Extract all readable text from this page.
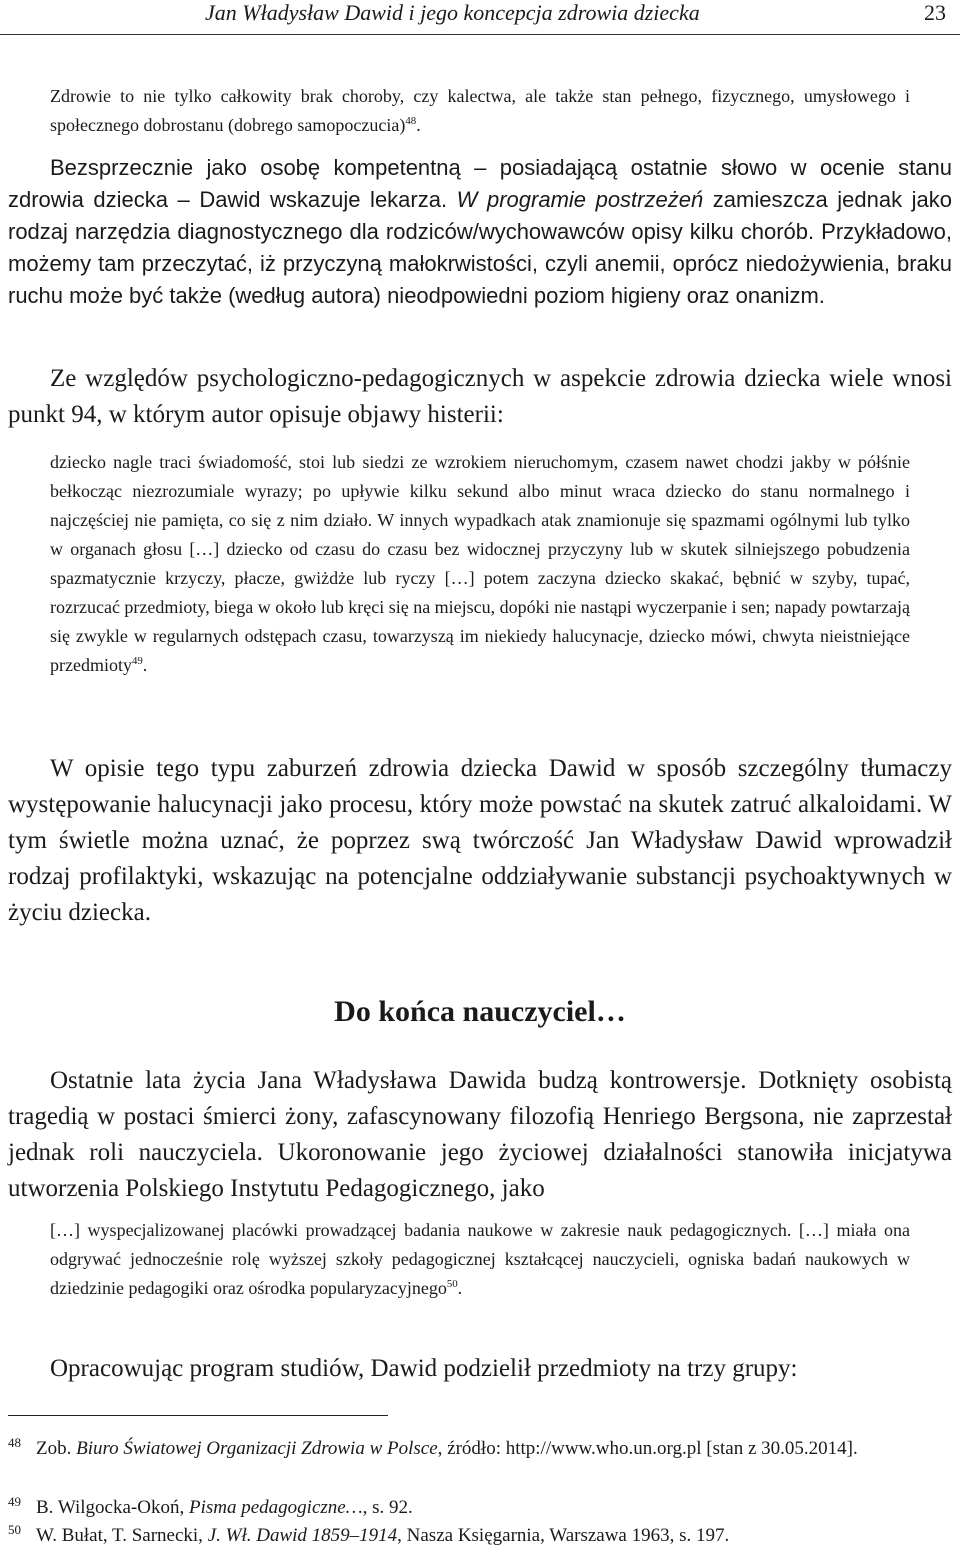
Jan Władysław Dawid i jego koncepcja zdrowia dziecka	23

Zdrowie to nie tylko całkowity brak choroby, czy kalectwa, ale także stan pełnego, fizycznego, umysłowego i społecznego dobrostanu (dobrego samopoczucia)$^{48}$.

Bezsprzecznie jako osobę kompetentną – posiadającą ostatnie słowo w ocenie stanu zdrowia dziecka – Dawid wskazuje lekarza. W programie postrzeżeń zamieszcza jednak jako rodzaj narzędzia diagnostycznego dla rodziców/wychowawców opisy kilku chorób. Przykładowo, możemy tam przeczytać, iż przyczyną małokrwistości, czyli anemii, oprócz niedożywienia, braku ruchu może być także (według autora) nieodpowiedni poziom higieny oraz onanizm.

Ze względów psychologiczno-pedagogicznych w aspekcie zdrowia dziecka wiele wnosi punkt 94, w którym autor opisuje objawy histerii:

dziecko nagle traci świadomość, stoi lub siedzi ze wzrokiem nieruchomym, czasem nawet chodzi jakby w półśnie bełkocząc niezrozumiale wyrazy; po upływie kilku sekund albo minut wraca dziecko do stanu normalnego i najczęściej nie pamięta, co się z nim działo. W innych wypadkach atak znamionuje się spazmami ogólnymi lub tylko w organach głosu […] dziecko od czasu do czasu bez widocznej przyczyny lub w skutek silniejszego pobudzenia spazmatycznie krzyczy, płacze, gwiżdże lub ryczy […] potem zaczyna dziecko skakać, bębnić w szyby, tupać, rozrzucać przedmioty, biega w około lub kręci się na miejscu, dopóki nie nastąpi wyczerpanie i sen; napady powtarzają się zwykle w regularnych odstępach czasu, towarzyszą im niekiedy halucynacje, dziecko mówi, chwyta nieistniejące przedmioty$^{49}$.

W opisie tego typu zaburzeń zdrowia dziecka Dawid w sposób szczególny tłumaczy występowanie halucynacji jako procesu, który może powstać na skutek zatruć alkaloidami. W tym świetle można uznać, że poprzez swą twórczość Jan Władysław Dawid wprowadził rodzaj profilaktyki, wskazując na potencjalne oddziaływanie substancji psychoaktywnych w życiu dziecka.

Do końca nauczyciel…

Ostatnie lata życia Jana Władysława Dawida budzą kontrowersje. Dotknięty osobistą tragedią w postaci śmierci żony, zafascynowany filozofią Henriego Bergsona, nie zaprzestał jednak roli nauczyciela. Ukoronowanie jego życiowej działalności stanowiła inicjatywa utworzenia Polskiego Instytutu Pedagogicznego, jako

[…] wyspecjalizowanej placówki prowadzącej badania naukowe w zakresie nauk pedagogicznych. […] miała ona odgrywać jednocześnie rolę wyższej szkoły pedagogicznej kształcącej nauczycieli, ogniska badań naukowych w dziedzinie pedagogiki oraz ośrodka popularyzacyjnego$^{50}$.

Opracowując program studiów, Dawid podzielił przedmioty na trzy grupy:

48 Zob. Biuro Światowej Organizacji Zdrowia w Polsce, źródło: http://www.who.un.org.pl [stan z 30.05.2014].
49 B. Wilgocka-Okoń, Pisma pedagogiczne…, s. 92.
50 W. Bułat, T. Sarnecki, J. Wł. Dawid 1859–1914, Nasza Księgarnia, Warszawa 1963, s. 197.
